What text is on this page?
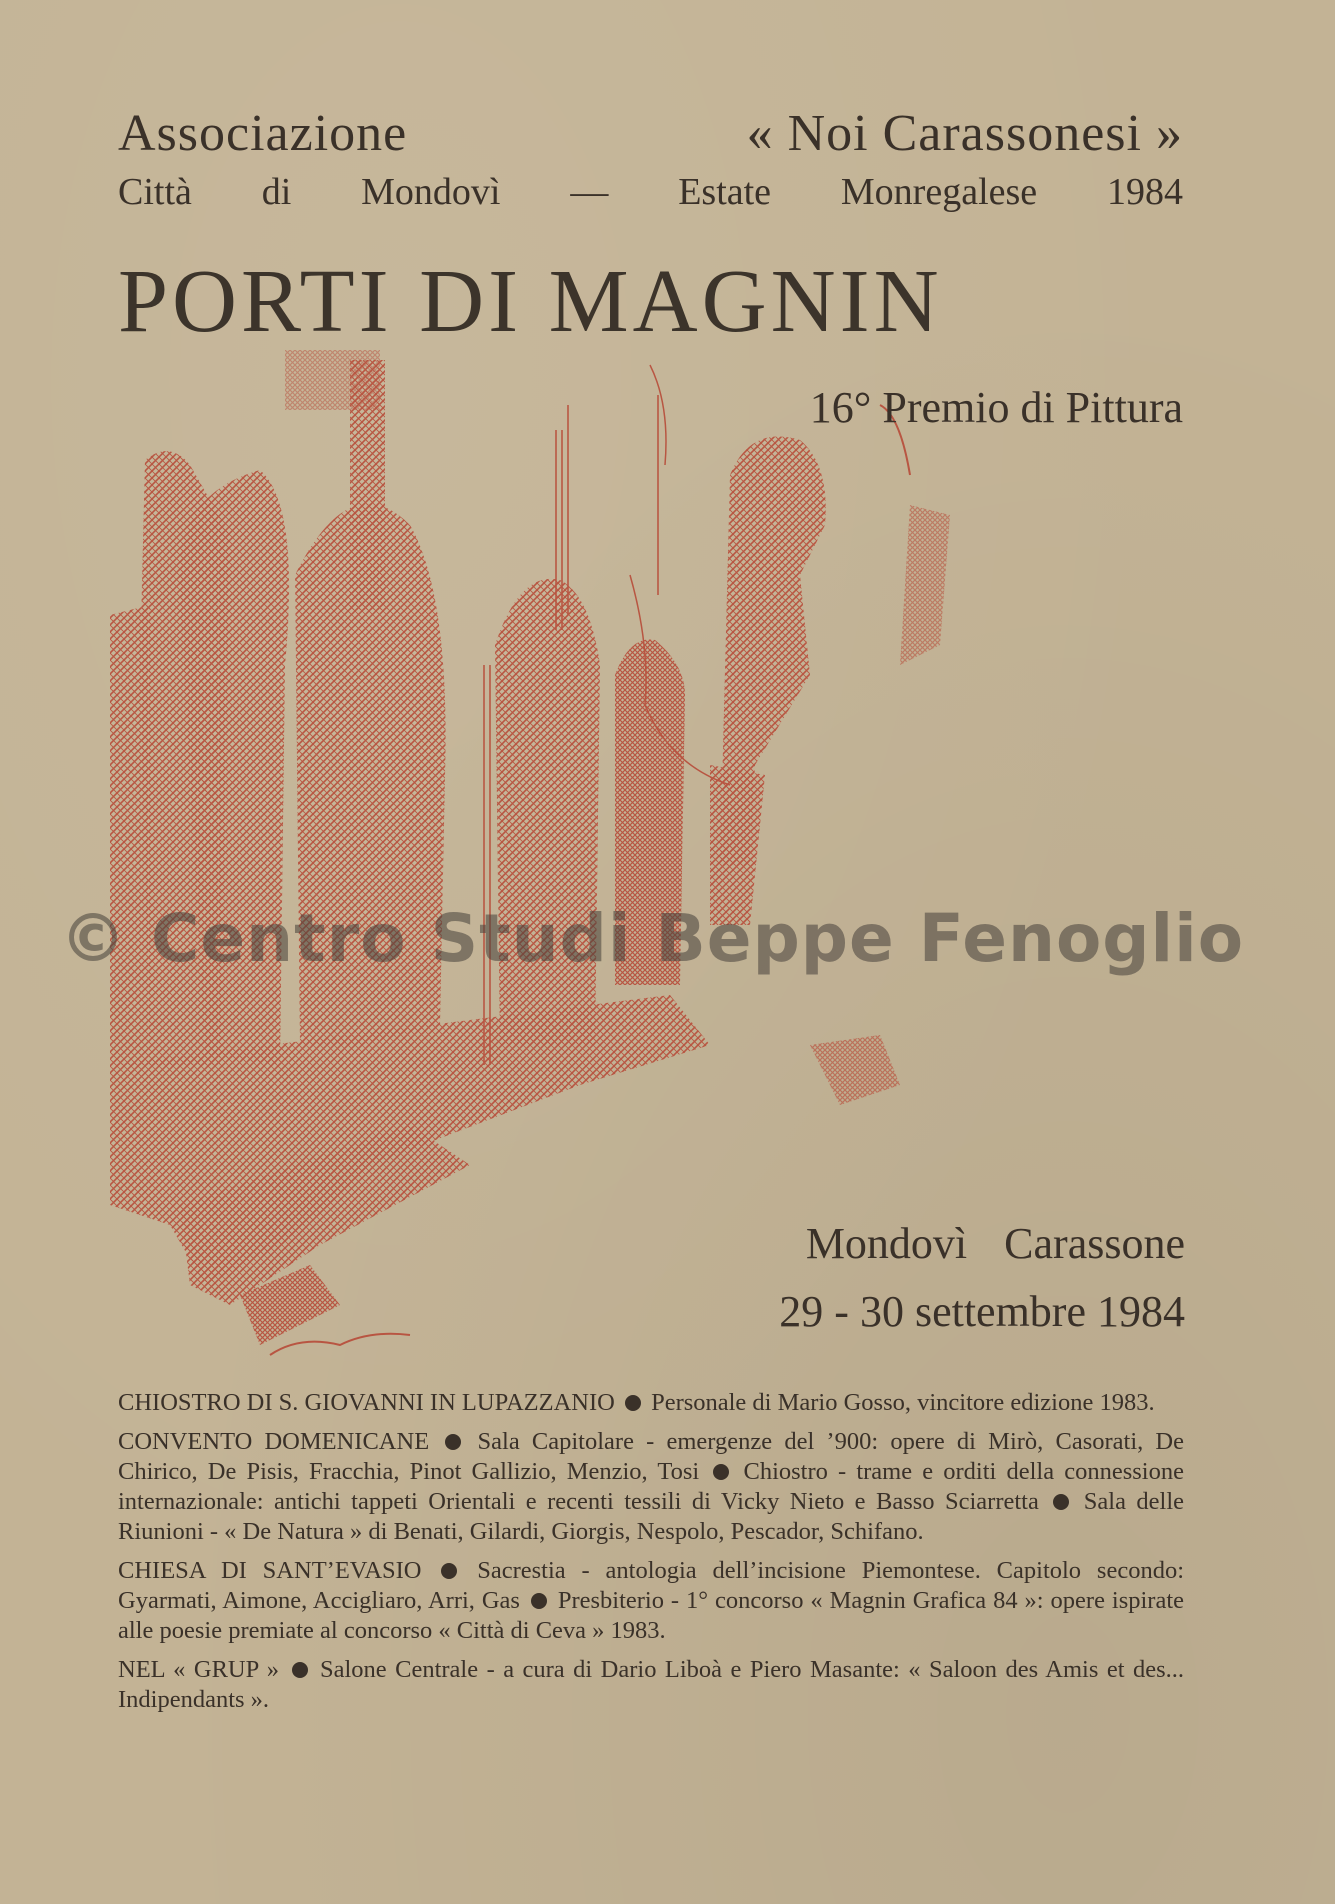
Associazione	« Noi Carassonesi »
Città di Mondovì — Estate Monregalese 1984
PORTI DI MAGNIN
16° Premio di Pittura
Mondovì Carassone
29 - 30 settembre 1984
CHIOSTRO DI S. GIOVANNI IN LUPAZZANIO Personale di Mario Gosso, vincitore edizione 1983.
CONVENTO DOMENICANE Sala Capitolare - emergenze del ’900: opere di Mirò, Casorati, De Chirico, De Pisis, Fracchia, Pinot Gallizio, Menzio, Tosi Chiostro - trame e orditi della connessione internazionale: antichi tappeti Orientali e recenti tessili di Vicky Nieto e Basso Sciarretta Sala delle Riunioni - « De Natura » di Benati, Gilardi, Giorgis, Nespolo, Pescador, Schifano.
CHIESA DI SANT’EVASIO Sacrestia - antologia dell’incisione Piemontese. Capitolo secondo: Gyarmati, Aimone, Accigliaro, Arri, Gas Presbiterio - 1° concorso « Magnin Grafica 84 »: opere ispirate alle poesie premiate al concorso « Città di Ceva » 1983.
NEL « GRUP » Salone Centrale - a cura di Dario Liboà e Piero Masante: « Saloon des Amis et des... Indipendants ».
© Centro Studi Beppe Fenoglio
